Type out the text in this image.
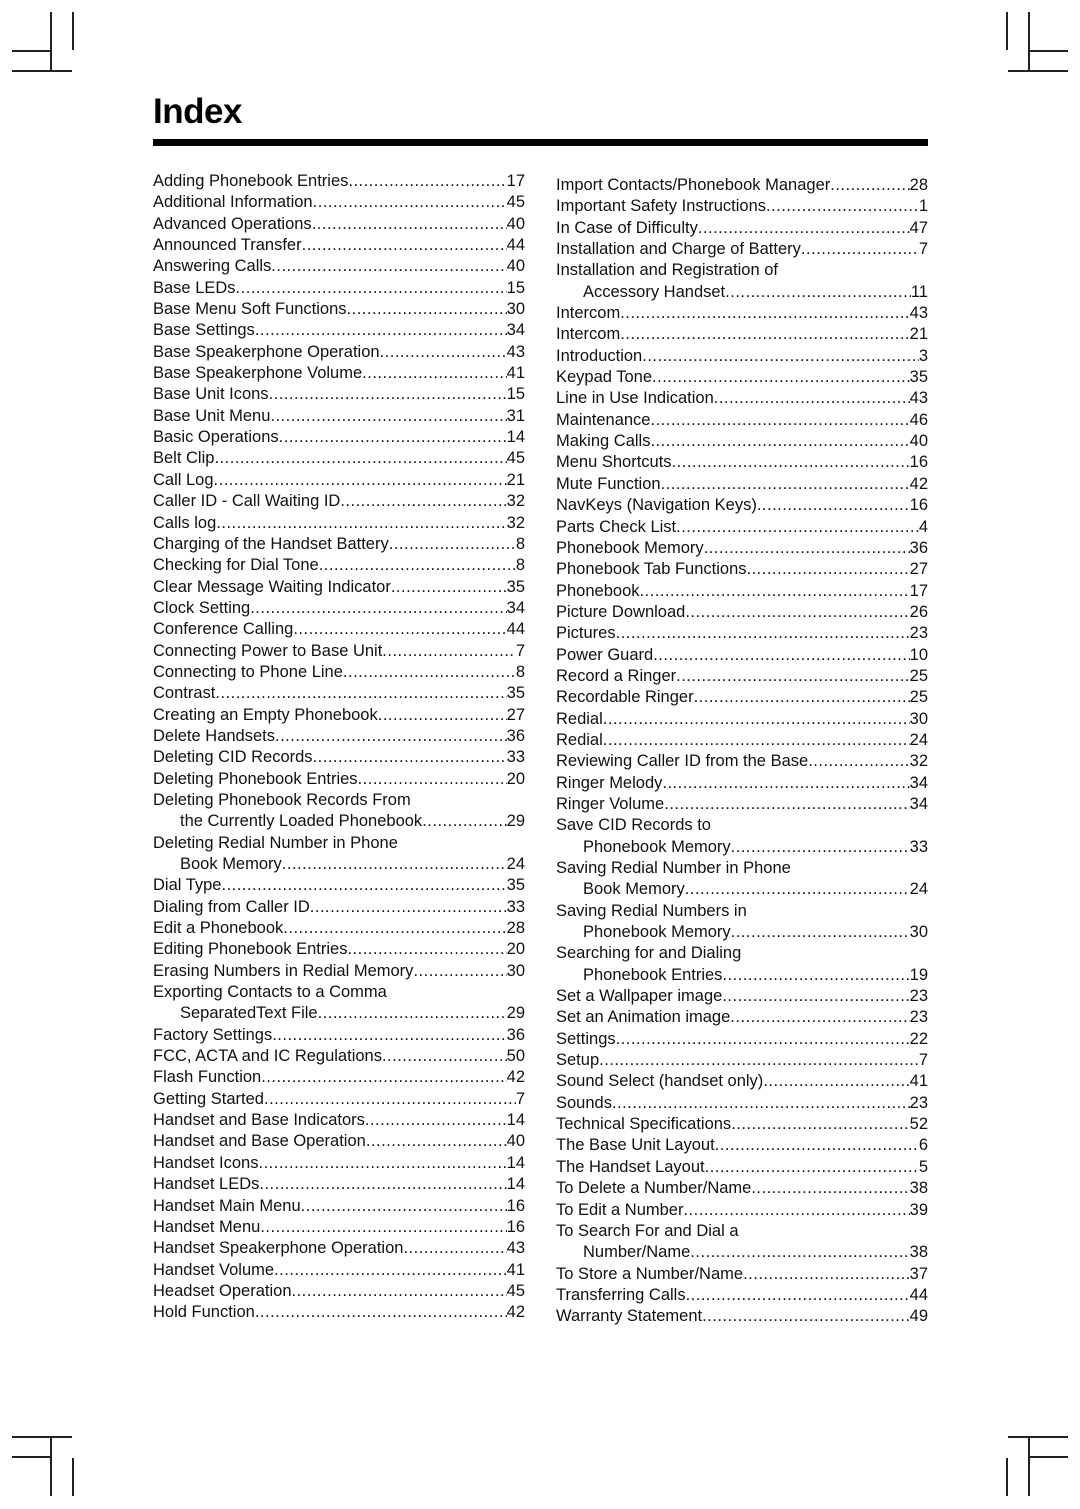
Index
Adding Phonebook Entries .....	17
Additional Information .....	45
Advanced Operations .....	40
Announced Transfer .....	44
Answering Calls .....	40
Base LEDs .....	15
Base Menu Soft Functions .....	30
Base Settings .....	34
Base Speakerphone Operation .....	43
Base Speakerphone Volume .....	41
Base Unit Icons .....	15
Base Unit Menu .....	31
Basic Operations .....	14
Belt Clip .....	45
Call Log .....	21
Caller ID - Call Waiting ID .....	32
Calls log .....	32
Charging of the Handset Battery .....	8
Checking for Dial Tone .....	8
Clear Message Waiting Indicator .....	35
Clock Setting .....	34
Conference Calling .....	44
Connecting Power to Base Unit .....	7
Connecting to Phone Line .....	8
Contrast .....	35
Creating an Empty Phonebook .....	27
Delete Handsets .....	36
Deleting CID Records .....	33
Deleting Phonebook Entries .....	20
Deleting Phonebook Records From
the Currently Loaded Phonebook .....	29
Deleting Redial Number in Phone
Book Memory .....	24
Dial Type .....	35
Dialing from Caller ID .....	33
Edit a Phonebook .....	28
Editing Phonebook Entries .....	20
Erasing Numbers in Redial Memory .....	30
Exporting Contacts to a Comma
SeparatedText File .....	29
Factory Settings .....	36
FCC, ACTA and IC Regulations .....	50
Flash Function .....	42
Getting Started .....	7
Handset and Base Indicators .....	14
Handset and Base Operation .....	40
Handset Icons .....	14
Handset LEDs .....	14
Handset Main Menu .....	16
Handset Menu .....	16
Handset Speakerphone Operation .....	43
Handset Volume .....	41
Headset Operation .....	45
Hold Function .....	42
Import Contacts/Phonebook Manager .....	28
Important Safety Instructions .....	1
In Case of Difficulty .....	47
Installation and Charge of Battery .....	7
Installation and Registration of
Accessory Handset .....	11
Intercom .....	43
Intercom .....	21
Introduction .....	3
Keypad Tone .....	35
Line in Use Indication .....	43
Maintenance .....	46
Making Calls .....	40
Menu Shortcuts .....	16
Mute Function .....	42
NavKeys (Navigation Keys) .....	16
Parts Check List .....	4
Phonebook Memory .....	36
Phonebook Tab Functions .....	27
Phonebook .....	17
Picture Download .....	26
Pictures .....	23
Power Guard .....	10
Record a Ringer .....	25
Recordable Ringer .....	25
Redial .....	30
Redial .....	24
Reviewing Caller ID from the Base .....	32
Ringer Melody .....	34
Ringer Volume .....	34
Save CID Records to
Phonebook Memory .....	33
Saving Redial Number in Phone
Book Memory .....	24
Saving Redial Numbers in
Phonebook Memory .....	30
Searching for and Dialing
Phonebook Entries .....	19
Set a Wallpaper image .....	23
Set an Animation image .....	23
Settings .....	22
Setup .....	7
Sound Select (handset only) .....	41
Sounds .....	23
Technical Specifications .....	52
The Base Unit Layout .....	6
The Handset Layout .....	5
To Delete a Number/Name .....	38
To Edit a Number .....	39
To Search For and Dial a
Number/Name .....	38
To Store a Number/Name .....	37
Transferring Calls .....	44
Warranty Statement .....	49
